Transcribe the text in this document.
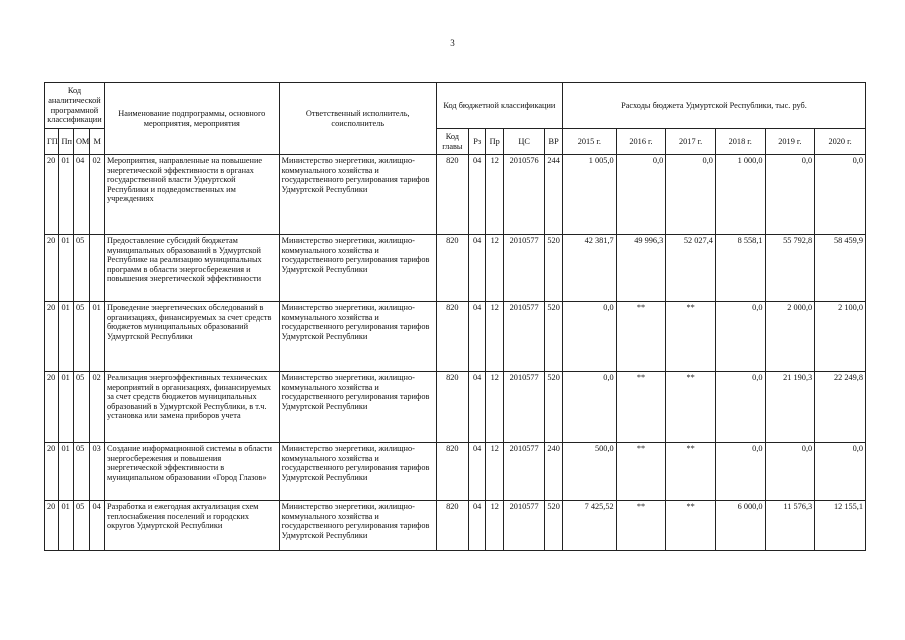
3
Код аналитической программной классификации				Наименование подпрограммы, основного мероприятия, мероприятия	Ответственный исполнитель, соисполнитель	Код бюджетной классификации					Расходы бюджета Удмуртской Республики, тыс. руб.					
ГП	Пп	ОМ	М			Код главы	Рз	Пр	ЦС	ВР	2015 г.	2016 г.	2017 г.	2018 г.	2019 г.	2020 г.
20	01	04	02	Мероприятия, направленные на повышение энергетической эффективности в органах государственной власти Удмуртской Республики и подведомственных им учреждениях	Министерство энергетики, жилищно-коммунального хозяйства и государственного регулирования тарифов Удмуртской Республики	820	04	12	2010576	244	1 005,0	0,0	0,0	1 000,0	0,0	0,0
20	01	05		Предоставление субсидий бюджетам муниципальных образований в Удмуртской Республике на реализацию муниципальных программ в области энергосбережения и повышения энергетической эффективности	Министерство энергетики, жилищно-коммунального хозяйства и государственного регулирования тарифов Удмуртской Республики	820	04	12	2010577	520	42 381,7	49 996,3	52 027,4	8 558,1	55 792,8	58 459,9
20	01	05	01	Проведение энергетических обследований в организациях, финансируемых за счет средств бюджетов муниципальных образований Удмуртской Республики	Министерство энергетики, жилищно-коммунального хозяйства и государственного регулирования тарифов Удмуртской Республики	820	04	12	2010577	520	0,0	**	**	0,0	2 000,0	2 100,0
20	01	05	02	Реализация энергоэффективных технических мероприятий в организациях, финансируемых за счет средств бюджетов муниципальных образований в Удмуртской Республики, в т.ч. установка или замена приборов учета	Министерство энергетики, жилищно-коммунального хозяйства и государственного регулирования тарифов Удмуртской Республики	820	04	12	2010577	520	0,0	**	**	0,0	21 190,3	22 249,8
20	01	05	03	Создание информационной системы в области энергосбережения и повышения энергетической эффективности в муниципальном образовании «Город Глазов»	Министерство энергетики, жилищно-коммунального хозяйства и государственного регулирования тарифов Удмуртской Республики	820	04	12	2010577	240	500,0	**	**	0,0	0,0	0,0
20	01	05	04	Разработка и ежегодная актуализация схем теплоснабжения поселений и городских округов Удмуртской Республики	Министерство энергетики, жилищно-коммунального хозяйства и государственного регулирования тарифов Удмуртской Республики	820	04	12	2010577	520	7 425,52	**	**	6 000,0	11 576,3	12 155,1
